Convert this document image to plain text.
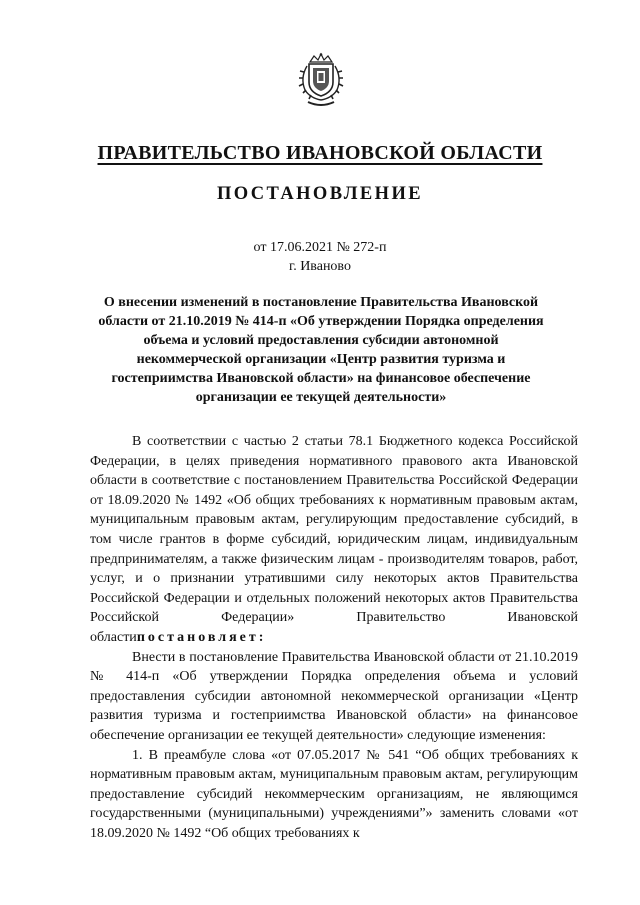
ПРАВИТЕЛЬСТВО ИВАНОВСКОЙ ОБЛАСТИ
ПОСТАНОВЛЕНИЕ
от 17.06.2021 № 272-п
г. Иваново

О внесении изменений в постановление Правительства Ивановской области от 21.10.2019 № 414-п «Об утверждении Порядка определения объема и условий предоставления субсидии автономной некоммерческой организации «Центр развития туризма и гостеприимства Ивановской области» на финансовое обеспечение организации ее текущей деятельности»

В соответствии с частью 2 статьи 78.1 Бюджетного кодекса Российской Федерации, в целях приведения нормативного правового акта Ивановской области в соответствие с постановлением Правительства Российской Федерации от 18.09.2020 № 1492 «Об общих требованиях к нормативным правовым актам, муниципальным правовым актам, регулирующим предоставление субсидий, в том числе грантов в форме субсидий, юридическим лицам, индивидуальным предпринимателям, а также физическим лицам - производителям товаров, работ, услуг, и о признании утратившими силу некоторых актов Правительства Российской Федерации и отдельных положений некоторых актов Правительства Российской Федерации» Правительство Ивановской областипостановляет:

Внести в постановление Правительства Ивановской области от 21.10.2019 № 414-п «Об утверждении Порядка определения объема и условий предоставления субсидии автономной некоммерческой организации «Центр развития туризма и гостеприимства Ивановской области» на финансовое обеспечение организации ее текущей деятельности» следующие изменения:

1. В преамбуле слова «от 07.05.2017 № 541 “Об общих требованиях к нормативным правовым актам, муниципальным правовым актам, регулирующим предоставление субсидий некоммерческим организациям, не являющимся государственными (муниципальными) учреждениями”» заменить словами «от 18.09.2020 № 1492 “Об общих требованиях к
